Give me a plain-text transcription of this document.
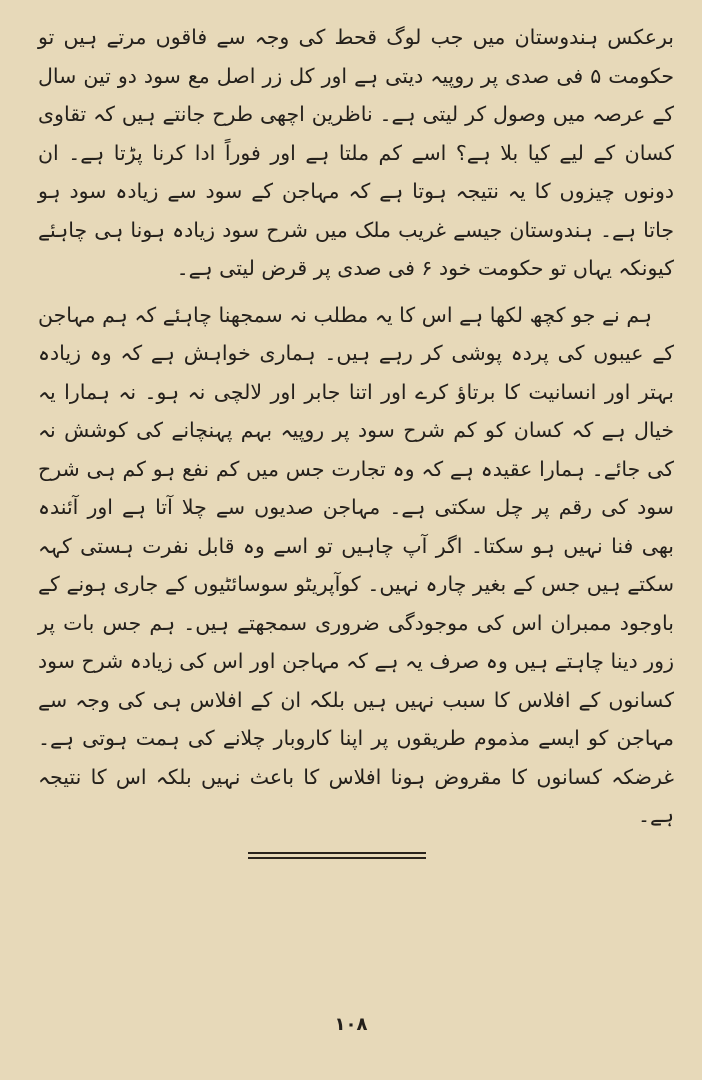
برعکس ہندوستان میں جب لوگ قحط کی وجہ سے فاقوں مرتے ہیں تو حکومت ۵ فی صدی پر روپیہ دیتی ہے اور کل زر اصل مع سود دو تین سال کے عرصہ میں وصول کر لیتی ہے۔ ناظرین اچھی طرح جانتے ہیں کہ تقاوی کسان کے لیے کیا بلا ہے؟ اسے کم ملتا ہے اور فوراً ادا کرنا پڑتا ہے۔ ان دونوں چیزوں کا یہ نتیجہ ہوتا ہے کہ مہاجن کے سود سے زیادہ سود ہو جاتا ہے۔ ہندوستان جیسے غریب ملک میں شرح سود زیادہ ہونا ہی چاہئے کیونکہ یہاں تو حکومت خود ۶ فی صدی پر قرض لیتی ہے۔

ہم نے جو کچھ لکھا ہے اس کا یہ مطلب نہ سمجھنا چاہئے کہ ہم مہاجن کے عیبوں کی پردہ پوشی کر رہے ہیں۔ ہماری خواہش ہے کہ وہ زیادہ بہتر اور انسانیت کا برتاؤ کرے اور اتنا جابر اور لالچی نہ ہو۔ نہ ہمارا یہ خیال ہے کہ کسان کو کم شرح سود پر روپیہ بہم پہنچانے کی کوشش نہ کی جائے۔ ہمارا عقیدہ ہے کہ وہ تجارت جس میں کم نفع ہو کم ہی شرح سود کی رقم پر چل سکتی ہے۔ مہاجن صدیوں سے چلا آتا ہے اور آئندہ بھی فنا نہیں ہو سکتا۔ اگر آپ چاہیں تو اسے وہ قابل نفرت ہستی کہہ سکتے ہیں جس کے بغیر چارہ نہیں۔ کوآپریٹو سوسائٹیوں کے جاری ہونے کے باوجود ممبران اس کی موجودگی ضروری سمجھتے ہیں۔ ہم جس بات پر زور دینا چاہتے ہیں وہ صرف یہ ہے کہ مہاجن اور اس کی زیادہ شرح سود کسانوں کے افلاس کا سبب نہیں ہیں بلکہ ان کے افلاس ہی کی وجہ سے مہاجن کو ایسے مذموم طریقوں پر اپنا کاروبار چلانے کی ہمت ہوتی ہے۔ غرضکہ کسانوں کا مقروض ہونا افلاس کا باعث نہیں بلکہ اس کا نتیجہ ہے۔

۱۰۸
